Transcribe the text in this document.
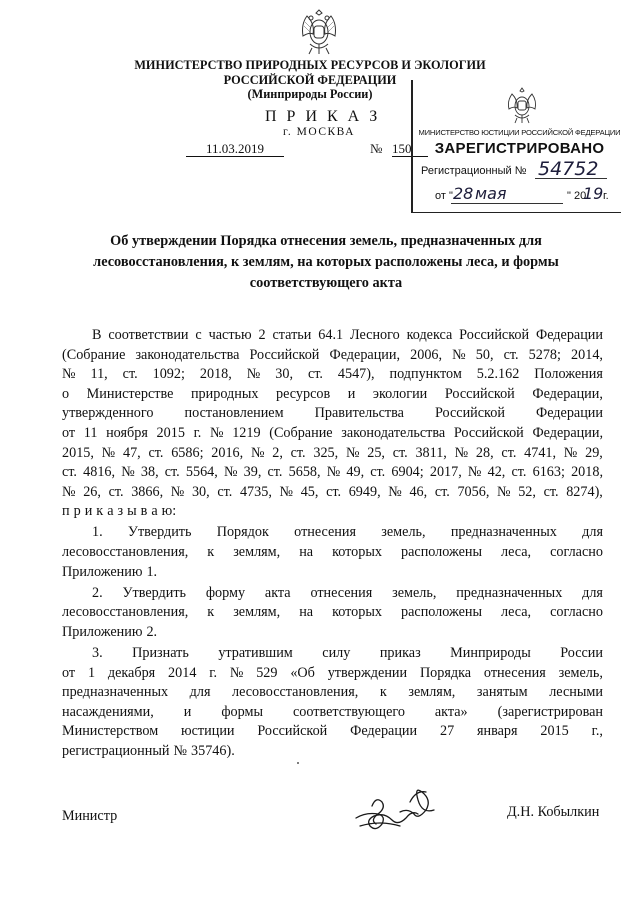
МИНИСТЕРСТВО ПРИРОДНЫХ РЕСУРСОВ И ЭКОЛОГИИ
РОССИЙСКОЙ ФЕДЕРАЦИИ
(Минприроды России)
П Р И К А З
г. МОСКВА
11.03.2019	№ 150
МИНИСТЕРСТВО ЮСТИЦИИ РОССИЙСКОЙ ФЕДЕРАЦИИ
ЗАРЕГИСТРИРОВАНО
Регистрационный № 54752
от " 28 мая	" 20
19 г.
Об утверждении Порядка отнесения земель, предназначенных для
лесовосстановления, к землям, на которых расположены леса, и формы
соответствующего акта
В соответствии с частью 2 статьи 64.1 Лесного кодекса Российской Федерации
(Собрание законодательства Российской Федерации, 2006, № 50, ст. 5278; 2014,
№ 11, ст. 1092; 2018, № 30, ст. 4547), подпунктом 5.2.162 Положения
о Министерстве природных ресурсов и экологии Российской Федерации,
утвержденного постановлением Правительства Российской Федерации
от 11 ноября 2015 г. № 1219 (Собрание законодательства Российской Федерации,
2015, № 47, ст. 6586; 2016, № 2, ст. 325, № 25, ст. 3811, № 28, ст. 4741, № 29,
ст. 4816, № 38, ст. 5564, № 39, ст. 5658, № 49, ст. 6904; 2017, № 42, ст. 6163; 2018,
№ 26, ст. 3866, № 30, ст. 4735, № 45, ст. 6949, № 46, ст. 7056, № 52, ст. 8274),
п р и к а з ы в а ю:
1. Утвердить Порядок отнесения земель, предназначенных для
лесовосстановления, к землям, на которых расположены леса, согласно
Приложению 1.
2. Утвердить форму акта отнесения земель, предназначенных для
лесовосстановления, к землям, на которых расположены леса, согласно
Приложению 2.
3. Признать утратившим силу приказ Минприроды России
от 1 декабря 2014 г. № 529 «Об утверждении Порядка отнесения земель,
предназначенных для лесовосстановления, к землям, занятым лесными
насаждениями, и формы соответствующего акта» (зарегистрирован
Министерством юстиции Российской Федерации 27 января 2015 г.,
регистрационный № 35746).
Министр	Д.Н. Кобылкин
